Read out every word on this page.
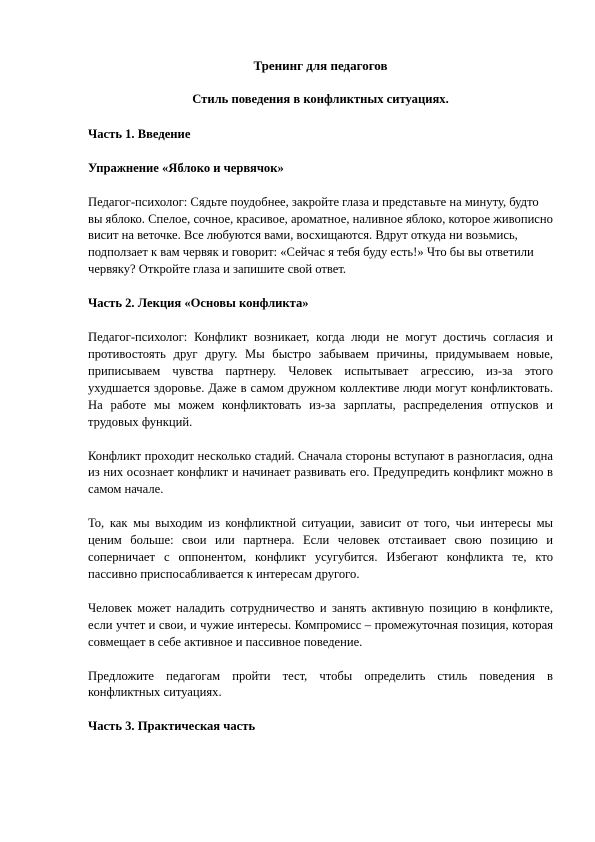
Тренинг для педагогов
Стиль поведения в конфликтных ситуациях.
Часть 1. Введение
Упражнение «Яблоко и червячок»
Педагог-психолог: Сядьте поудобнее, закройте глаза и представьте на минуту, будто вы яблоко. Спелое, сочное, красивое, ароматное, наливное яблоко, которое живописно висит на веточке. Все любуются вами, восхищаются. Вдрут откуда ни возьмись, подползает к вам червяк и говорит: «Сейчас я тебя буду есть!» Что бы вы ответили червяку? Откройте глаза и запишите свой ответ.
Часть 2. Лекция «Основы конфликта»
Педагог-психолог: Конфликт возникает, когда люди не могут достичь согласия и противостоять друг другу. Мы быстро забываем причины, придумываем новые, приписываем чувства партнеру. Человек испытывает агрессию, из-за этого ухудшается здоровье. Даже в самом дружном коллективе люди могут конфликтовать. На работе мы можем конфликтовать из-за зарплаты, распределения отпусков и трудовых функций.
Конфликт проходит несколько стадий. Сначала стороны вступают в разногласия, одна из них осознает конфликт и начинает развивать его. Предупредить конфликт можно в самом начале.
То, как мы выходим из конфликтной ситуации, зависит от того, чьи интересы мы ценим больше: свои или партнера. Если человек отстаивает свою позицию и соперничает с оппонентом, конфликт усугубится. Избегают конфликта те, кто пассивно приспосабливается к интересам другого.
Человек может наладить сотрудничество и занять активную позицию в конфликте, если учтет и свои, и чужие интересы. Компромисс – промежуточная позиция, которая совмещает в себе активное и пассивное поведение.
Предложите педагогам пройти тест, чтобы определить стиль поведения в конфликтных ситуациях.
Часть 3. Практическая часть
